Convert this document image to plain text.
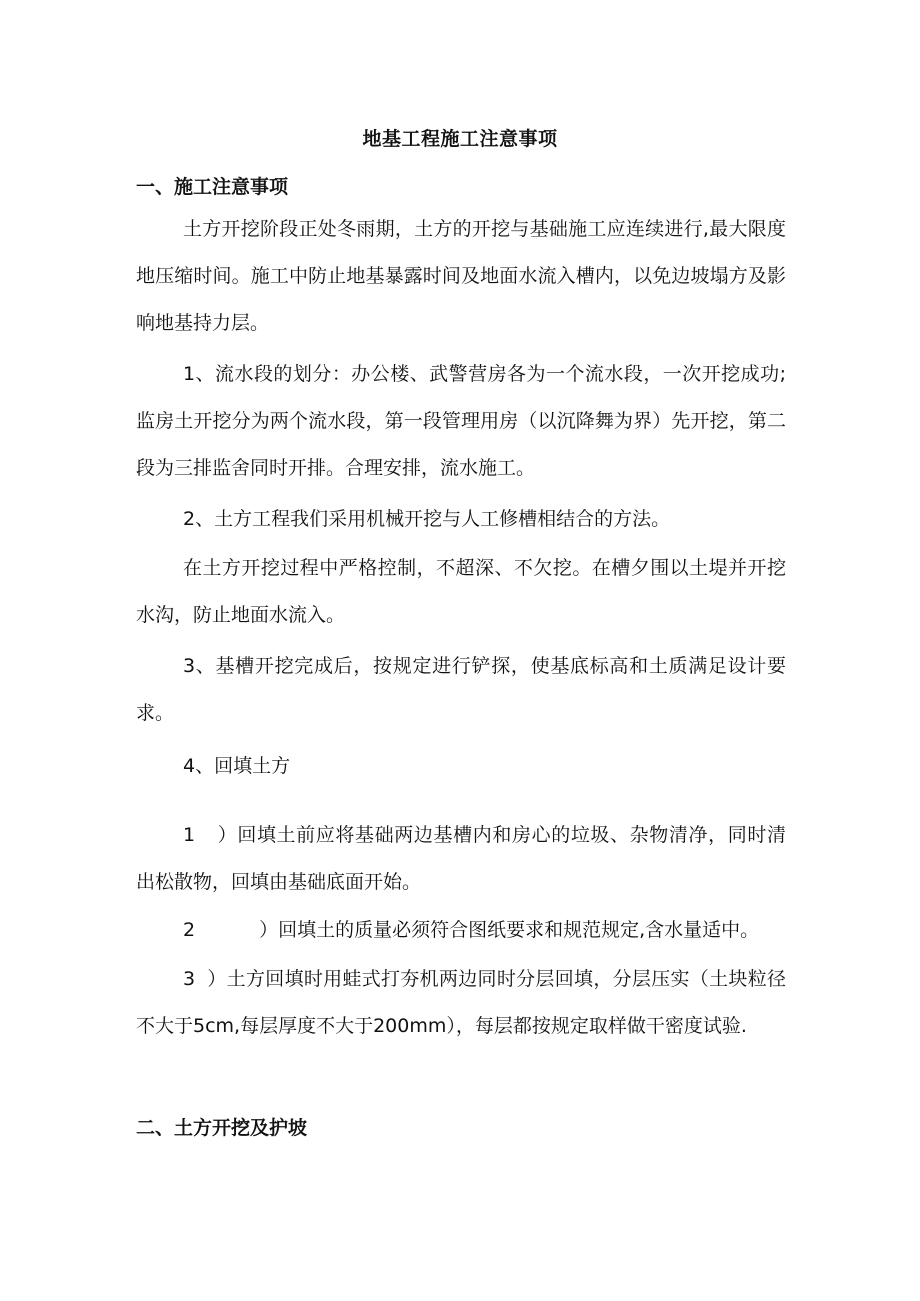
地基工程施工注意事项
一、施工注意事项
土方开挖阶段正处冬雨期，土方的开挖与基础施工应连续进行,最大限度地压缩时间。施工中防止地基暴露时间及地面水流入槽内，以免边坡塌方及影响地基持力层。
1、流水段的划分：办公楼、武警营房各为一个流水段，一次开挖成功;监房土开挖分为两个流水段，第一段管理用房（以沉降舞为界）先开挖，第二段为三排监舍同时开排。合理安排，流水施工。
2、土方工程我们采用机械开挖与人工修槽相结合的方法。
在土方开挖过程中严格控制，不超深、不欠挖。在槽夕围以土堤并开挖水沟，防止地面水流入。
3、基槽开挖完成后，按规定进行铲探，使基底标高和土质满足设计要求。
4、回填土方
1 ）回填土前应将基础两边基槽内和房心的垃圾、杂物清净，同时清出松散物，回填由基础底面开始。
2	）回填土的质量必须符合图纸要求和规范规定,含水量适中。
3 ）土方回填时用蛙式打夯机两边同时分层回填，分层压实（土块粒径不大于5cm,每层厚度不大于200mm），每层都按规定取样做干密度试验.
二、土方开挖及护坡
